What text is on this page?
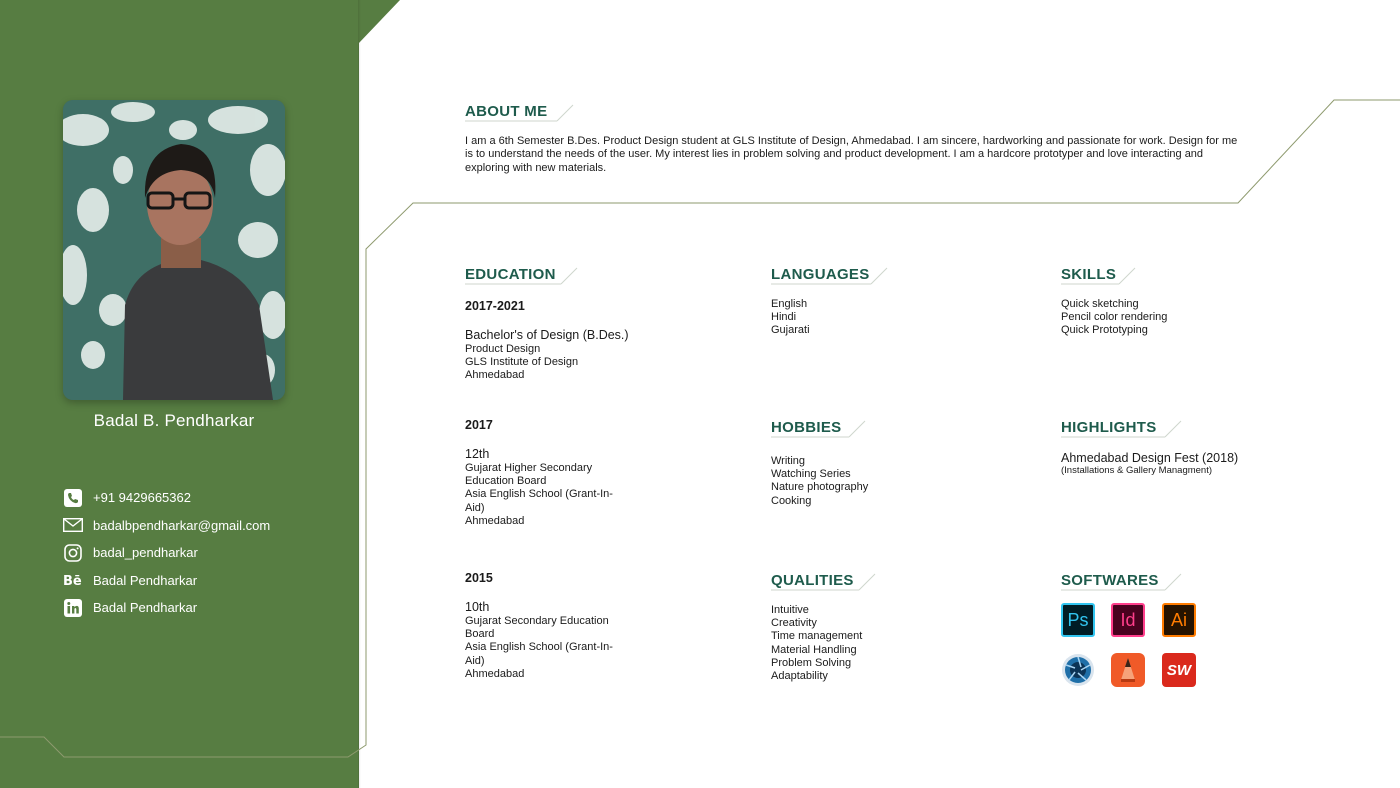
Badal B. Pendharkar
+91 9429665362
badalbpendharkar@gmail.com
badal_pendharkar
Bē Badal Pendharkar
Badal Pendharkar
ABOUT ME
I am a 6th Semester B.Des. Product Design student at GLS Institute of Design, Ahmedabad. I am sincere, hardworking and passionate for work. Design for me is to understand the needs of the user. My interest lies in problem solving and product development. I am a hardcore prototyper and love interacting and exploring with new materials.
EDUCATION
2017-2021
Bachelor's of Design (B.Des.)
Product Design
GLS Institute of Design
Ahmedabad
2017
12th
Gujarat Higher Secondary
Education Board
Asia English School (Grant-In-
Aid)
Ahmedabad
2015
10th
Gujarat Secondary Education
Board
Asia English School (Grant-In-
Aid)
Ahmedabad
LANGUAGES
English
Hindi
Gujarati
HOBBIES
Writing
Watching Series
Nature photography
Cooking
QUALITIES
Intuitive
Creativity
Time management
Material Handling
Problem Solving
Adaptability
SKILLS
Quick sketching
Pencil color rendering
Quick Prototyping
HIGHLIGHTS
Ahmedabad Design Fest (2018)
(Installations & Gallery Managment)
SOFTWARES
Ps	Id	Ai
SW
